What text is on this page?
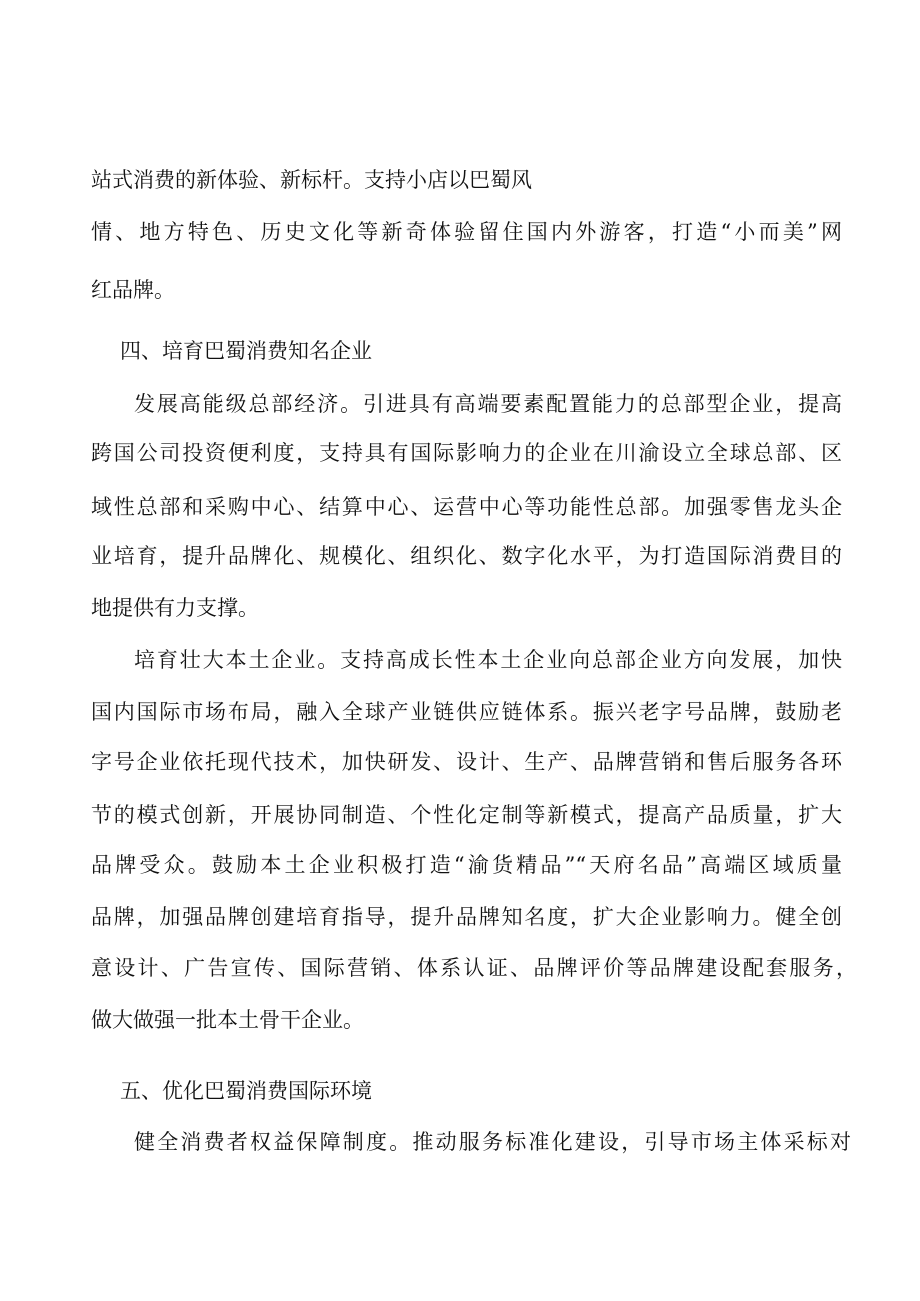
站式消费的新体验、新标杆。支持小店以巴蜀风
情、地方特色、历史文化等新奇体验留住国内外游客，打造“小而美”网
红品牌。
四、培育巴蜀消费知名企业
发展高能级总部经济。引进具有高端要素配置能力的总部型企业，提高
跨国公司投资便利度，支持具有国际影响力的企业在川渝设立全球总部、区
域性总部和采购中心、结算中心、运营中心等功能性总部。加强零售龙头企
业培育，提升品牌化、规模化、组织化、数字化水平，为打造国际消费目的
地提供有力支撑。
培育壮大本土企业。支持高成长性本土企业向总部企业方向发展，加快
国内国际市场布局，融入全球产业链供应链体系。振兴老字号品牌，鼓励老
字号企业依托现代技术，加快研发、设计、生产、品牌营销和售后服务各环
节的模式创新，开展协同制造、个性化定制等新模式，提高产品质量，扩大
品牌受众。鼓励本土企业积极打造“渝货精品”“天府名品”高端区域质量
品牌，加强品牌创建培育指导，提升品牌知名度，扩大企业影响力。健全创
意设计、广告宣传、国际营销、体系认证、品牌评价等品牌建设配套服务，
做大做强一批本土骨干企业。
五、优化巴蜀消费国际环境
健全消费者权益保障制度。推动服务标准化建设，引导市场主体采标对
